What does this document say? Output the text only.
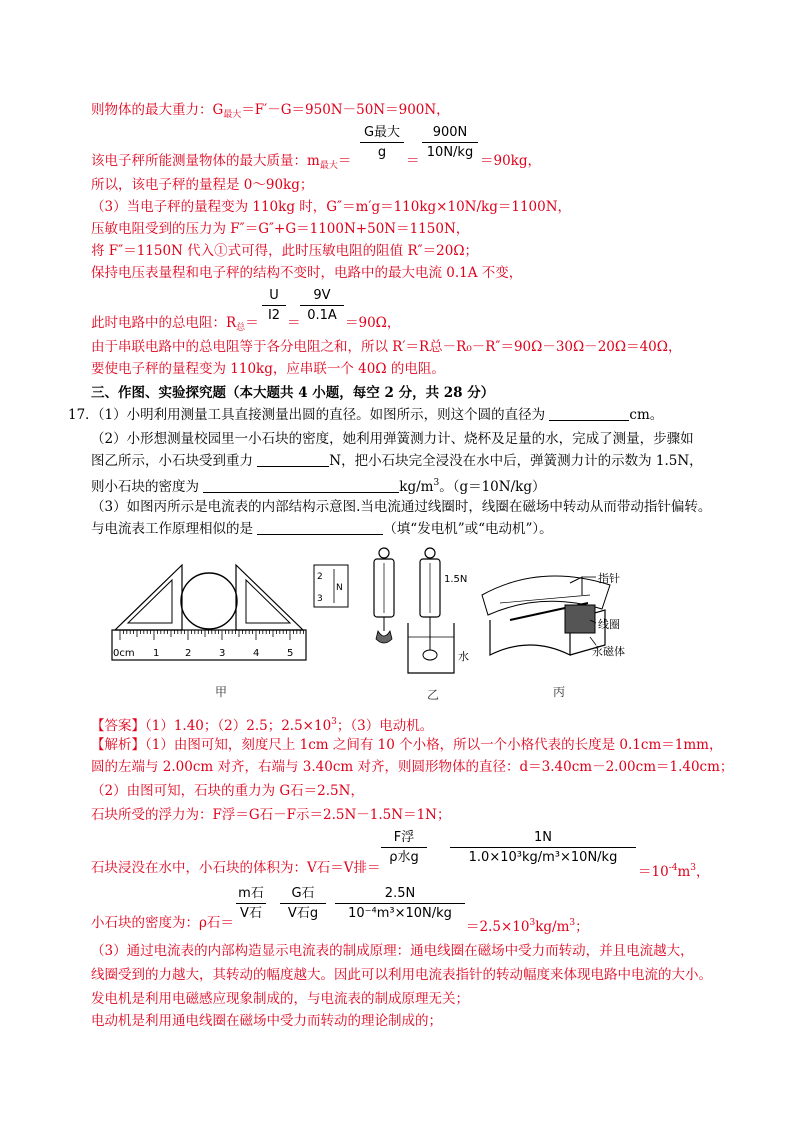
则物体的最大重力：$G_{最大}=F'-G=950N-50N=900N$，
G最大
g
900N
10N/kg
该电子秤所能测量物体的最大质量：$m_{最大}=$	＝	＝90kg，
所以，该电子秤的量程是 0～90kg；
（3）当电子秤的量程变为 110kg 时，G″＝m′g＝110kg×10N/kg＝1100N，
压敏电阻受到的压力为 F″＝G″+G＝1100N+50N＝1150N，
将 F″＝1150N 代入①式可得，此时压敏电阻的阻值 R″＝20Ω；
保持电压表量程和电子秤的结构不变时，电路中的最大电流 0.1A 不变，
U
I2
9V
0.1A
此时电路中的总电阻：$R_总=$ ＝	＝90Ω，
由于串联电路中的总电阻等于各分电阻之和，所以 R′＝R总－R₀－R″＝90Ω－30Ω－20Ω＝40Ω，
要使电子秤的量程变为 110kg，应串联一个 40Ω 的电阻。
三、作图、实验探究题（本大题共 4 小题，每空 2 分，共 28 分）
17．
（1）小明利用测量工具直接测量出圆的直径。如图所示，则这个圆的直径为	cm。
（2）小形想测量校园里一小石块的密度，她利用弹簧测力计、烧杯及足量的水，完成了测量，步骤如
图乙所示，小石块受到重力	N，把小石块完全浸没在水中后，弹簧测力计的示数为 1.5N，
则小石块的密度为	$kg/m^3$。（g＝10N/kg）
（3）如图丙所示是电流表的内部结构示意图.当电流通过线圈时，线圈在磁场中转动从而带动指针偏转。
与电流表工作原理相似的是	（填“发电机”或“电动机”）。
0cm 1	2	3	4	5
甲
2
N
3
1.5N
水
乙
指针
线圈
永磁体
丙
【答案】（1）1.40；（2）2.5；$2.5\times 10^3$；（3）电动机。
【解析】（1）由图可知，刻度尺上 1cm 之间有 10 个小格，所以一个小格代表的长度是 0.1cm＝1mm，
圆的左端与 2.00cm 对齐，右端与 3.40cm 对齐，则圆形物体的直径：d＝3.40cm－2.00cm＝1.40cm；
（2）由图可知，石块的重力为 G石＝2.5N，
石块所受的浮力为：F浮＝G石－F示＝2.5N－1.5N＝1N；
F浮
ρ水g
1N
1.0×10³kg/m³×10N/kg
石块浸没在水中，小石块的体积为：V石＝V排＝	$=10^{-4}m^3$，
m石
V石
G石
V石g
2.5N
10⁻⁴m³×10N/kg
小石块的密度为：ρ石＝	$=2.5\times 10^3kg/m^3$；
（3）通过电流表的内部构造显示电流表的制成原理：通电线圈在磁场中受力而转动，并且电流越大，
线圈受到的力越大，其转动的幅度越大。因此可以利用电流表指针的转动幅度来体现电路中电流的大小。
发电机是利用电磁感应现象制成的，与电流表的制成原理无关；
电动机是利用通电线圈在磁场中受力而转动的理论制成的；
